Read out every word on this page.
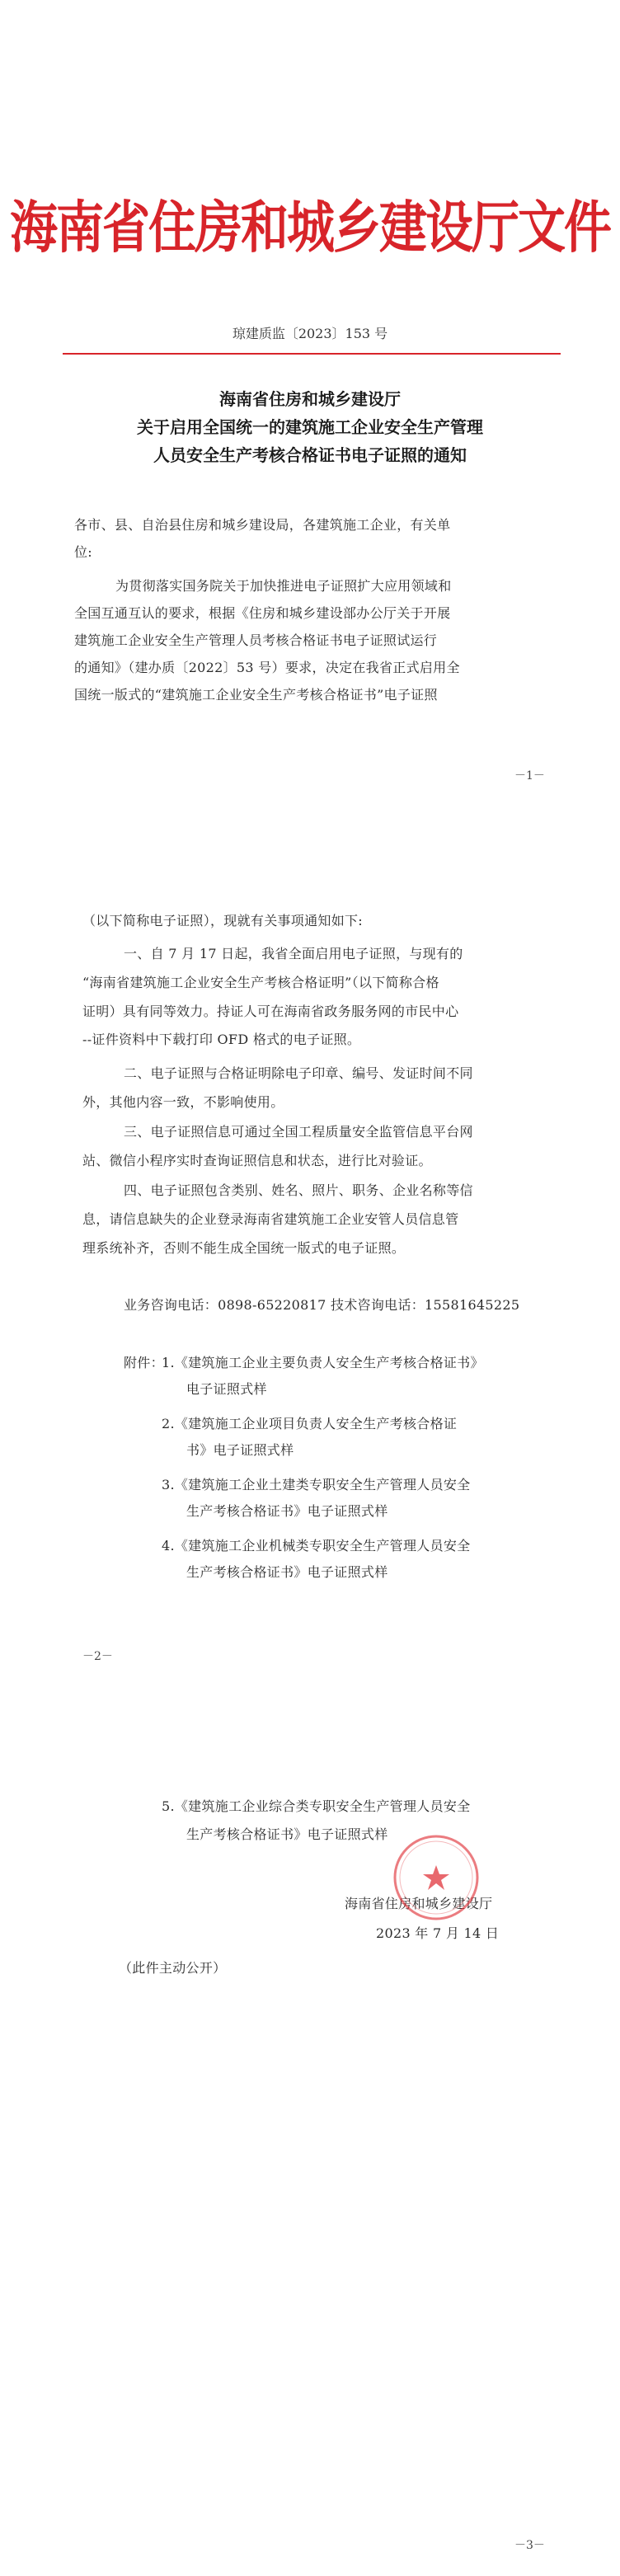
海南省住房和城乡建设厅文件
琼建质监〔2023〕153 号
海南省住房和城乡建设厅
关于启用全国统一的建筑施工企业安全生产管理
人员安全生产考核合格证书电子证照的通知
各市、县、自治县住房和城乡建设局，各建筑施工企业，有关单
位:
为贯彻落实国务院关于加快推进电子证照扩大应用领域和
全国互通互认的要求，根据《住房和城乡建设部办公厅关于开展
建筑施工企业安全生产管理人员考核合格证书电子证照试运行
的通知》（建办质〔2022〕53 号）要求，决定在我省正式启用全
国统一版式的“建筑施工企业安全生产考核合格证书”电子证照
－1－
（以下简称电子证照），现就有关事项通知如下:
一、自 7 月 17 日起，我省全面启用电子证照，与现有的
“海南省建筑施工企业安全生产考核合格证明”（以下简称合格
证明）具有同等效力。持证人可在海南省政务服务网的市民中心
--证件资料中下载打印 OFD 格式的电子证照。
二、电子证照与合格证明除电子印章、编号、发证时间不同
外，其他内容一致，不影响使用。
三、电子证照信息可通过全国工程质量安全监管信息平台网
站、微信小程序实时查询证照信息和状态，进行比对验证。
四、电子证照包含类别、姓名、照片、职务、企业名称等信
息，请信息缺失的企业登录海南省建筑施工企业安管人员信息管
理系统补齐，否则不能生成全国统一版式的电子证照。
业务咨询电话：0898-65220817 技术咨询电话：15581645225
附件：
1.《建筑施工企业主要负责人安全生产考核合格证书》
电子证照式样
2.《建筑施工企业项目负责人安全生产考核合格证
书》电子证照式样
3.《建筑施工企业土建类专职安全生产管理人员安全
生产考核合格证书》电子证照式样
4.《建筑施工企业机械类专职安全生产管理人员安全
生产考核合格证书》电子证照式样
－2－
5.《建筑施工企业综合类专职安全生产管理人员安全
生产考核合格证书》电子证照式样
海南省住房和城乡建设厅
2023 年 7 月 14 日
（此件主动公开）
－3－
